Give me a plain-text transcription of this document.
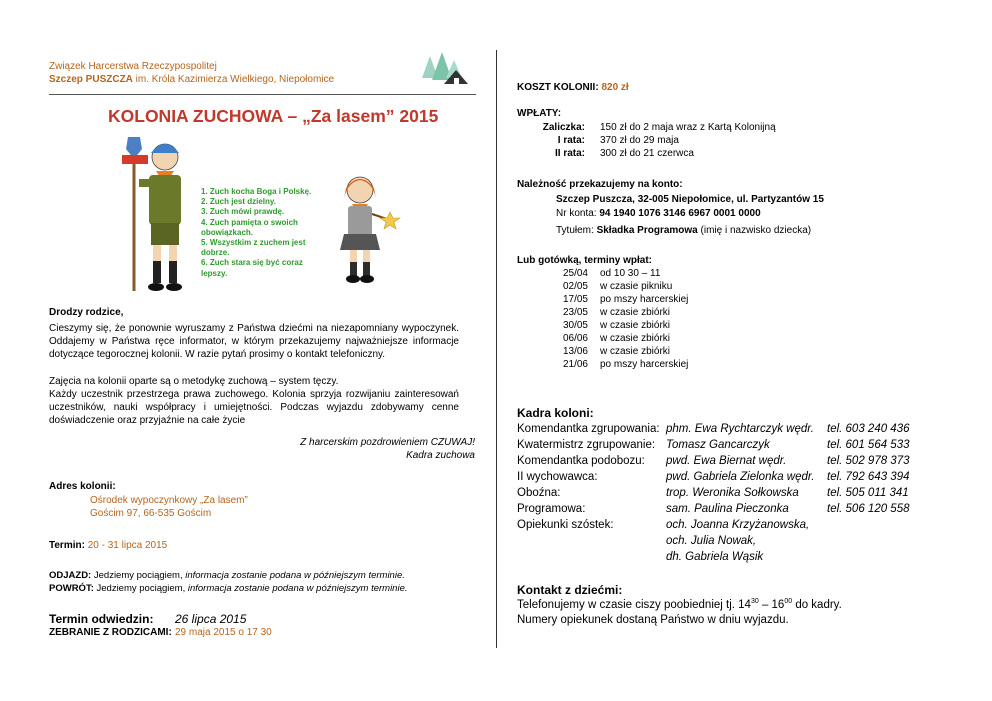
Związek Harcerstwa Rzeczypospolitej
Szczep PUSZCZA im. Króla Kazimierza Wielkiego, Niepołomice
KOLONIA ZUCHOWA – „Za lasem” 2015
1. Zuch kocha Boga i Polskę.
2. Zuch jest dzielny.
3. Zuch mówi prawdę.
4. Zuch pamięta o swoich
obowiązkach.
5. Wszystkim z zuchem jest
dobrze.
6. Zuch stara się być coraz
lepszy.
Drodzy rodzice,
Cieszymy się, że ponownie wyruszamy z Państwa dziećmi na niezapomniany wypoczynek. Oddajemy w Państwa ręce informator, w którym przekazujemy najważniejsze informacje dotyczące tegorocznej kolonii. W razie pytań prosimy o kontakt telefoniczny.
Zajęcia na kolonii oparte są o metodykę zuchową – system tęczy.
Każdy uczestnik przestrzega prawa zuchowego. Kolonia sprzyja rozwijaniu zainteresowań uczestników, nauki współpracy i umiejętności. Podczas wyjazdu zdobywamy cenne doświadczenie oraz przyjaźnie na całe życie
Z harcerskim pozdrowieniem CZUWAJ!
Kadra zuchowa
Adres kolonii:
Ośrodek wypoczynkowy „Za lasem”
Gościm 97, 66-535 Gościm
Termin: 20 - 31 lipca 2015
ODJAZD: Jedziemy pociągiem, informacja zostanie podana w późniejszym terminie.
POWRÓT: Jedziemy pociągiem, informacja zostanie podana w późniejszym terminie.
Termin odwiedzin: 26 lipca 2015
ZEBRANIE Z RODZICAMI: 29 maja 2015 o 17 30
KOSZT KOLONII: 820 zł
WPŁATY:
Zaliczka: 150 zł do 2 maja wraz z Kartą Kolonijną
I rata: 370 zł do 29 maja
II rata: 300 zł do 21 czerwca
Należność przekazujemy na konto:
Szczep Puszcza, 32-005 Niepołomice, ul. Partyzantów 15
Nr konta: 94 1940 1076 3146 6967 0001 0000
Tytułem: Składka Programowa (imię i nazwisko dziecka)
Lub gotówką, terminy wpłat:
25/04 od 10 30 – 11
02/05 w czasie pikniku
17/05 po mszy harcerskiej
23/05 w czasie zbiórki
30/05 w czasie zbiórki
06/06 w czasie zbiórki
13/06 w czasie zbiórki
21/06 po mszy harcerskiej
Kadra koloni:
Komendantka zgrupowania: phm. Ewa Rychtarczyk wędr. tel. 603 240 436
Kwatermistrz zgrupowanie: Tomasz Gancarczyk	tel. 601 564 533
Komendantka podobozu: pwd. Ewa Biernat wędr.	tel. 502 978 373
II wychowawca:	pwd. Gabriela Zielonka wędr. tel. 792 643 394
Oboźna:	trop. Weronika Sołkowska tel. 505 011 341
Programowa:	sam. Paulina Pieczonka	tel. 506 120 558
Opiekunki szóstek:	och. Joanna Krzyżanowska,
och. Julia Nowak,
dh. Gabriela Wąsik
Kontakt z dziećmi:
Telefonujemy w czasie ciszy poobiedniej tj. $14^{30} - 16^{00}$ do kadry.
Numery opiekunek dostaną Państwo w dniu wyjazdu.
